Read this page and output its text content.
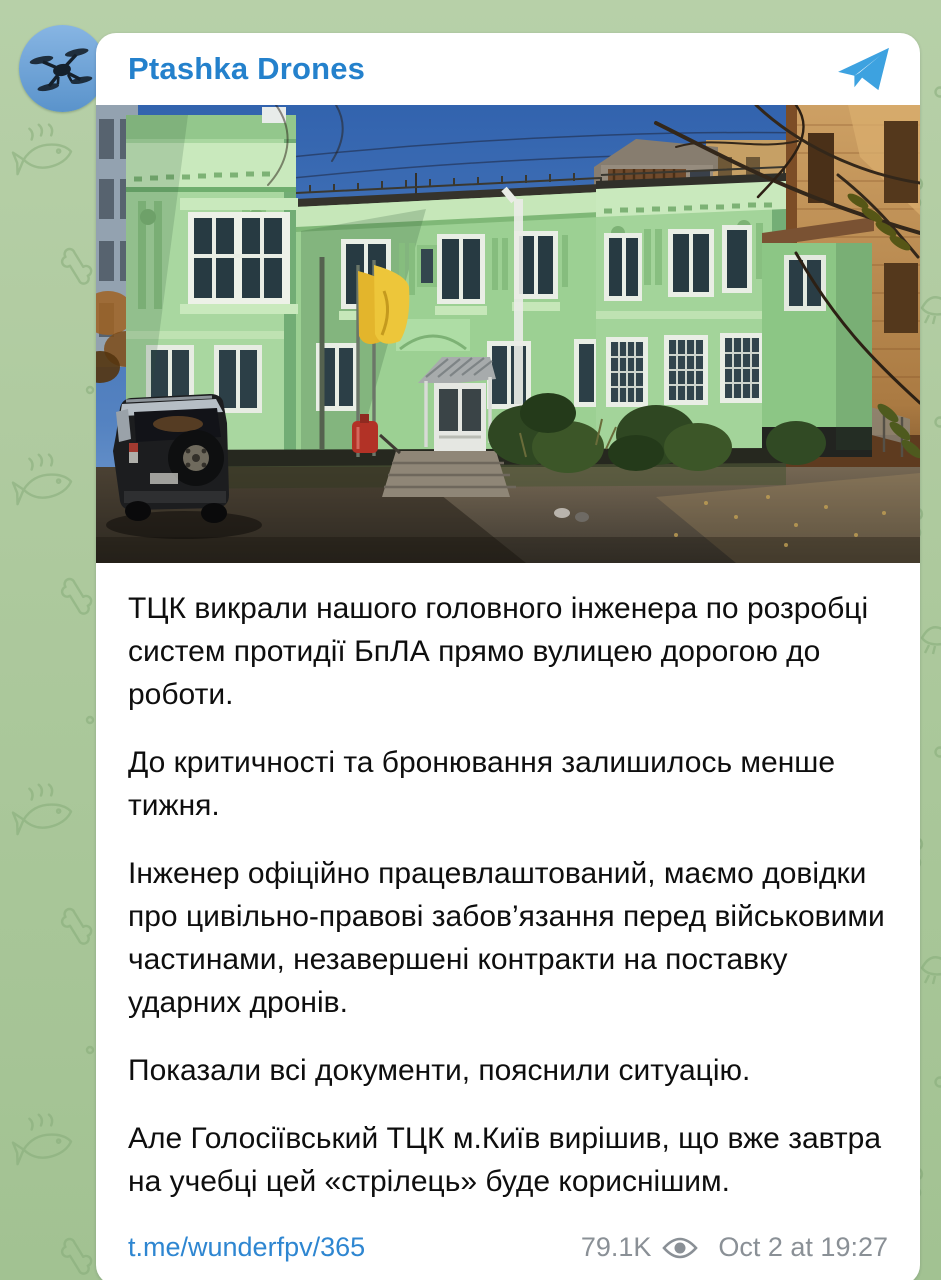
Ptashka Drones

ТЦК викрали нашого головного інженера по розробці систем протидії БпЛА прямо вулицею дорогою до роботи.

До критичності та бронювання залишилось менше тижня.

Інженер офіційно працевлаштований, маємо довідки про цивільно-правові забов’язання перед військовими частинами, незавершені контракти на поставку ударних дронів.

Показали всі документи, пояснили ситуацію.

Але Голосіївський ТЦК м.Київ вирішив, що вже завтра на учебці цей «стрілець» буде кориснішим.

t.me/wunderfpv/365	79.1K Oct 2 at 19:27
